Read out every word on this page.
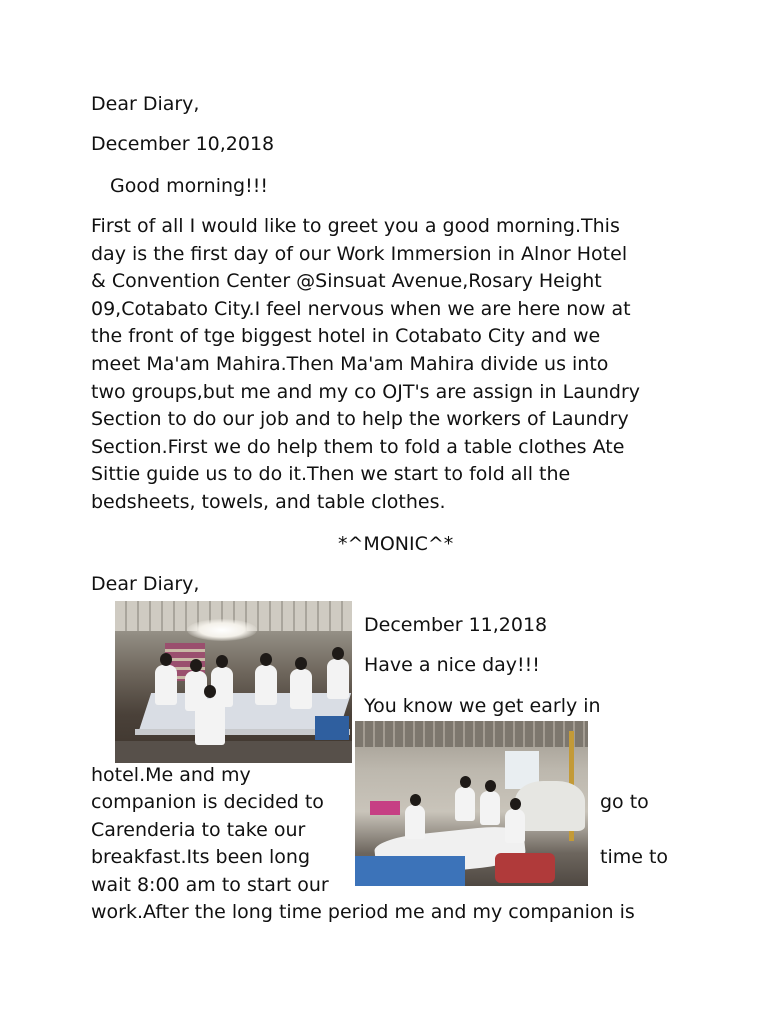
Dear Diary,

December 10,2018

Good morning!!!

First of all I would like to greet you a good morning.This

day is the first day of our Work Immersion in Alnor Hotel

& Convention Center @Sinsuat Avenue,Rosary Height

09,Cotabato City.I feel nervous when we are here now at

the front of tge biggest hotel in Cotabato City and we

meet Ma'am Mahira.Then Ma'am Mahira divide us into

two groups,but me and my co OJT's are assign in Laundry

Section to do our job and to help the workers of Laundry

Section.First we do help them to fold a table clothes Ate

Sittie guide us to do it.Then we start to fold all the

bedsheets, towels, and table clothes.

*^MONIC^*

Dear Diary,

December 11,2018

Have a nice day!!!

You know we get early in

hotel.Me and my

companion is decided to

Carenderia to take our

breakfast.Its been long

wait 8:00 am to start our

go to

time to

work.After the long time period me and my companion is
